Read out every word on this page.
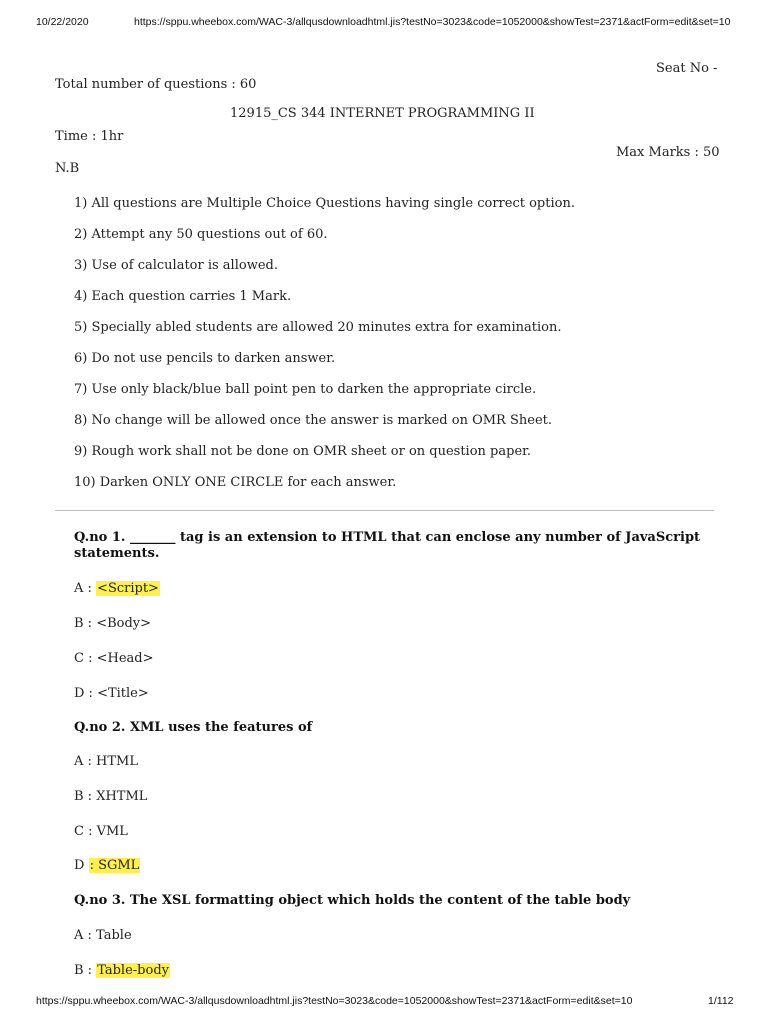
10/22/2020	https://sppu.wheebox.com/WAC-3/allqusdownloadhtml.jis?testNo=3023&code=1052000&showTest=2371&actForm=edit&set=10
Seat No -
Total number of questions : 60
12915_CS 344 INTERNET PROGRAMMING II
Time : 1hr
Max Marks : 50
N.B
1) All questions are Multiple Choice Questions having single correct option.
2) Attempt any 50 questions out of 60.
3) Use of calculator is allowed.
4) Each question carries 1 Mark.
5) Specially abled students are allowed 20 minutes extra for examination.
6) Do not use pencils to darken answer.
7) Use only black/blue ball point pen to darken the appropriate circle.
8) No change will be allowed once the answer is marked on OMR Sheet.
9) Rough work shall not be done on OMR sheet or on question paper.
10) Darken ONLY ONE CIRCLE for each answer.
Q.no 1. _______ tag is an extension to HTML that can enclose any number of JavaScript
statements.
A : <Script>
B : <Body>
C : <Head>
D : <Title>
Q.no 2. XML uses the features of
A : HTML
B : XHTML
C : VML
D : SGML
Q.no 3. The XSL formatting object which holds the content of the table body
A : Table
B : Table-body
https://sppu.wheebox.com/WAC-3/allqusdownloadhtml.jis?testNo=3023&code=1052000&showTest=2371&actForm=edit&set=10	1/112
